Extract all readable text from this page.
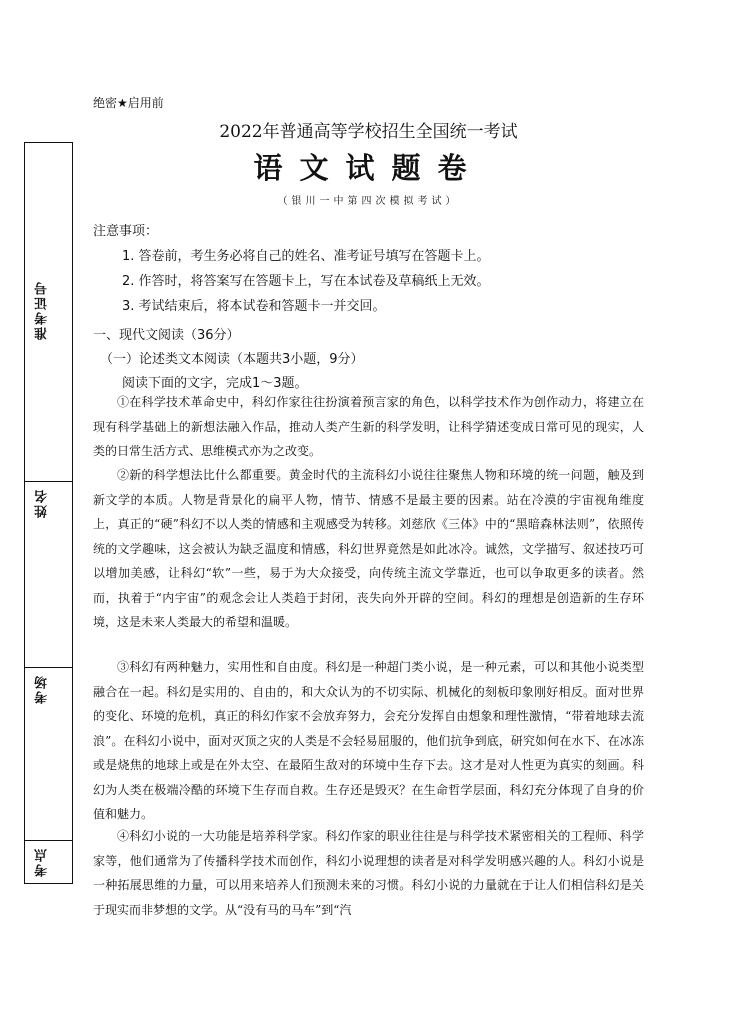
准考证号
姓名
考场
考点
绝密★启用前
2022年普通高等学校招生全国统一考试
语文试题卷
（银川一中第四次模拟考试）
注意事项：
1. 答卷前，考生务必将自己的姓名、准考证号填写在答题卡上。
2. 作答时，将答案写在答题卡上，写在本试卷及草稿纸上无效。
3. 考试结束后，将本试卷和答题卡一并交回。
一、现代文阅读（36分）
（一）论述类文本阅读（本题共3小题，9分）
阅读下面的文字，完成1～3题。

①在科学技术革命史中，科幻作家往往扮演着预言家的角色，以科学技术作为创作动力，将建立在现有科学基础上的新想法融入作品，推动人类产生新的科学发明，让科学猜述变成日常可见的现实，人类的日常生活方式、思维模式亦为之改变。

②新的科学想法比什么都重要。黄金时代的主流科幻小说往往聚焦人物和环境的统一问题，触及到新文学的本质。人物是背景化的扁平人物，情节、情感不是最主要的因素。站在冷漠的宇宙视角维度上，真正的“硬”科幻不以人类的情感和主观感受为转移。刘慈欣《三体》中的“黑暗森林法则”，依照传统的文学趣味，这会被认为缺乏温度和情感，科幻世界竟然是如此冰冷。诚然，文学描写、叙述技巧可以增加美感，让科幻“软”一些，易于为大众接受，向传统主流文学靠近，也可以争取更多的读者。然而，执着于“内宇宙”的观念会让人类趋于封闭，丧失向外开辟的空间。科幻的理想是创造新的生存环境，这是未来人类最大的希望和温暖。

③科幻有两种魅力，实用性和自由度。科幻是一种超门类小说，是一种元素，可以和其他小说类型融合在一起。科幻是实用的、自由的，和大众认为的不切实际、机械化的刻板印象刚好相反。面对世界的变化、环境的危机，真正的科幻作家不会放弃努力，会充分发挥自由想象和理性激情，“带着地球去流浪”。在科幻小说中，面对灭顶之灾的人类是不会轻易屈服的，他们抗争到底，研究如何在水下、在冰冻或是烧焦的地球上或是在外太空、在最陌生敌对的环境中生存下去。这才是对人性更为真实的刻画。科幻为人类在极端冷酷的环境下生存而自救。生存还是毁灭？在生命哲学层面，科幻充分体现了自身的价值和魅力。

④科幻小说的一大功能是培养科学家。科幻作家的职业往往是与科学技术紧密相关的工程师、科学家等，他们通常为了传播科学技术而创作，科幻小说理想的读者是对科学发明感兴趣的人。科幻小说是一种拓展思维的力量，可以用来培养人们预测未来的习惯。科幻小说的力量就在于让人们相信科幻是关于现实而非梦想的文学。从“没有马的马车”到“汽
